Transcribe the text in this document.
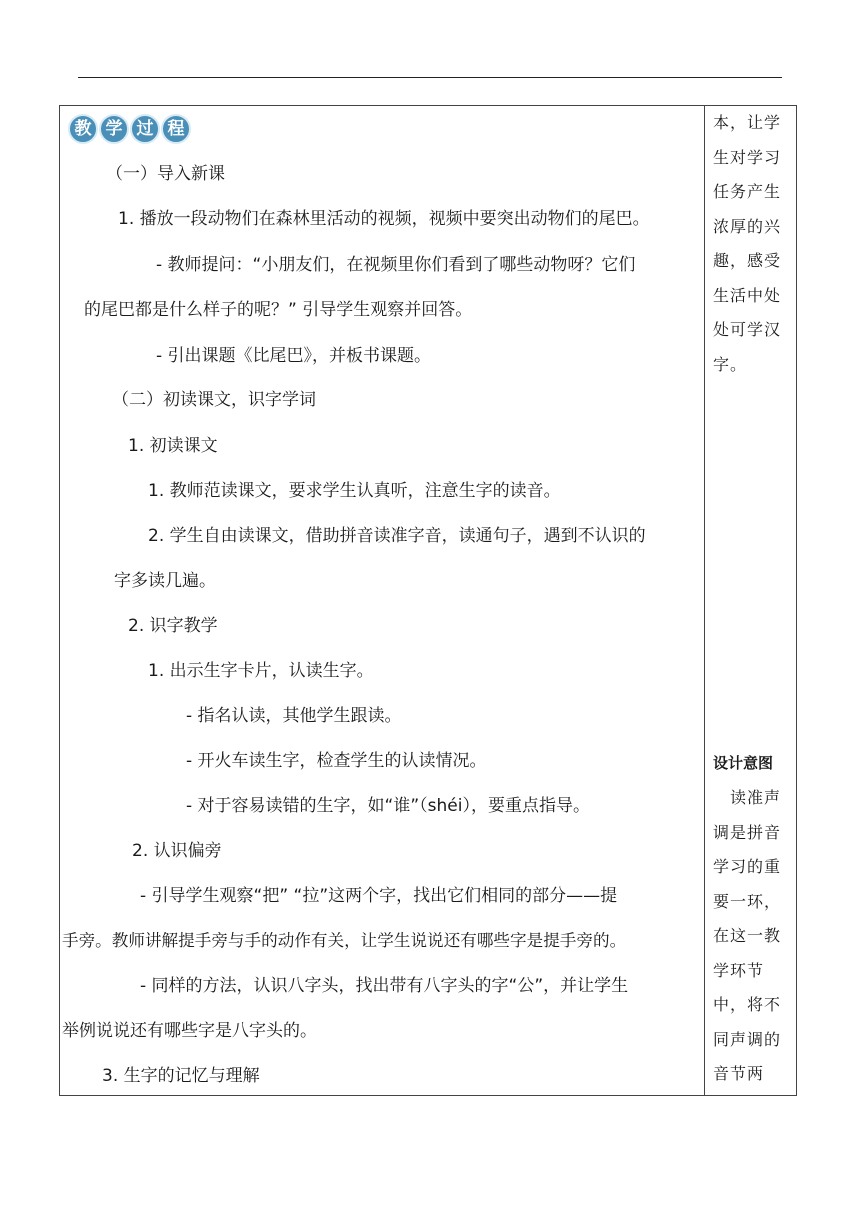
教 学 过 程
（一）导入新课
1. 播放一段动物们在森林里活动的视频，视频中要突出动物们的尾巴。
- 教师提问：“小朋友们，在视频里你们看到了哪些动物呀？它们
的尾巴都是什么样子的呢？” 引导学生观察并回答。
- 引出课题《比尾巴》，并板书课题。
（二）初读课文，识字学词
1. 初读课文
1. 教师范读课文，要求学生认真听，注意生字的读音。
2. 学生自由读课文，借助拼音读准字音，读通句子，遇到不认识的
字多读几遍。
2. 识字教学
1. 出示生字卡片，认读生字。
- 指名认读，其他学生跟读。
- 开火车读生字，检查学生的认读情况。
- 对于容易读错的生字，如“谁”（shéi），要重点指导。
2. 认识偏旁
- 引导学生观察“把” “拉”这两个字，找出它们相同的部分——提
手旁。教师讲解提手旁与手的动作有关，让学生说说还有哪些字是提手旁的。
- 同样的方法，认识八字头，找出带有八字头的字“公”，并让学生
举例说说还有哪些字是八字头的。
3. 生字的记忆与理解
本，让学生对学习任务产生浓厚的兴趣，感受生活中处处可学汉字。
设计意图
　读准声调是拼音学习的重要一环，在这一教学环节中，将不同声调的音节两
